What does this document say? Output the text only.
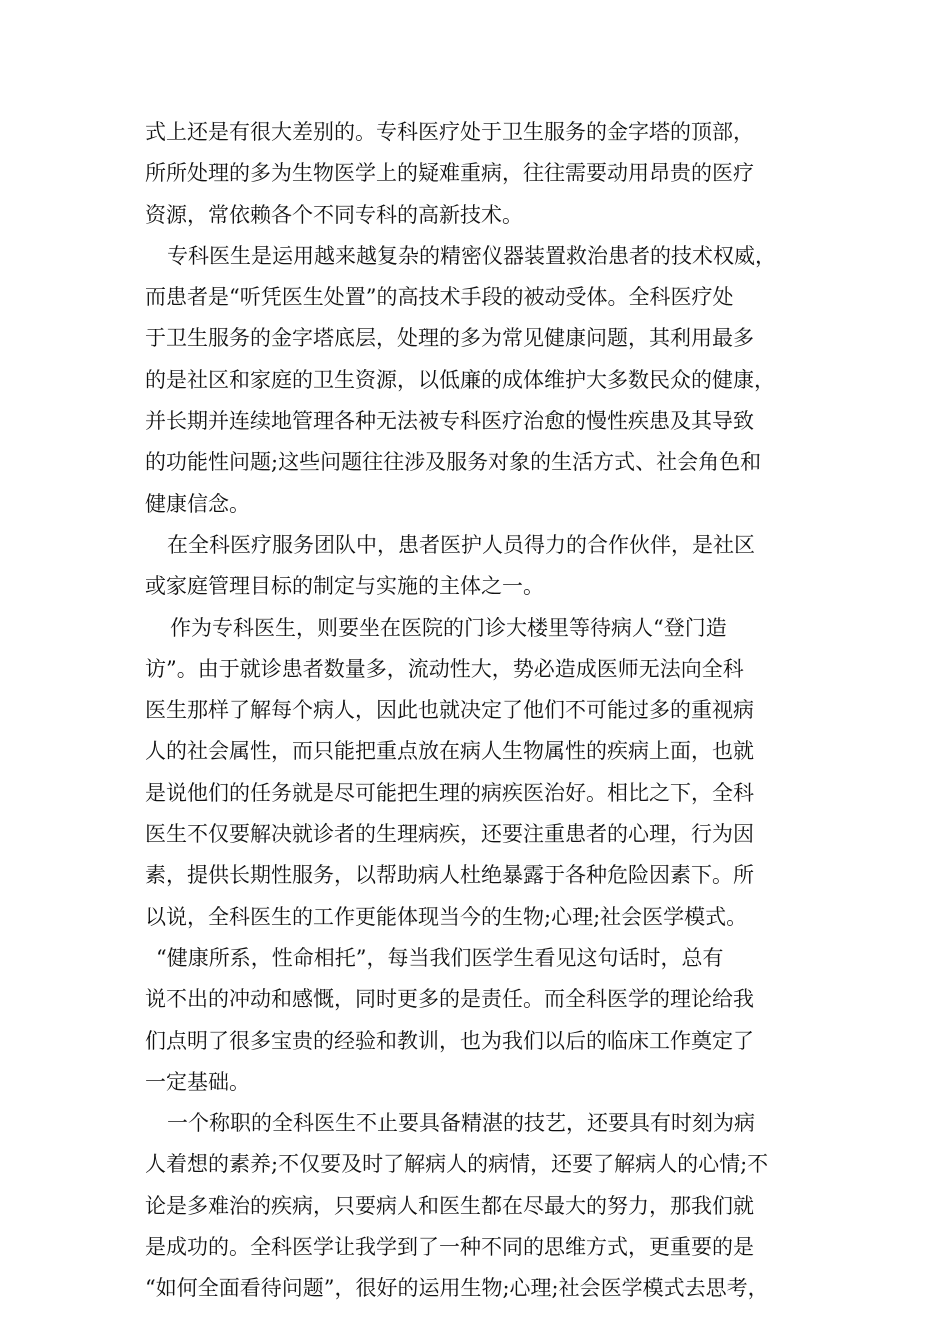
式上还是有很大差别的。专科医疗处于卫生服务的金字塔的顶部，
所所处理的多为生物医学上的疑难重病，往往需要动用昂贵的医疗
资源，常依赖各个不同专科的高新技术。
专科医生是运用越来越复杂的精密仪器装置救治患者的技术权威，
而患者是“听凭医生处置”的高技术手段的被动受体。全科医疗处
于卫生服务的金字塔底层，处理的多为常见健康问题，其利用最多
的是社区和家庭的卫生资源，以低廉的成体维护大多数民众的健康，
并长期并连续地管理各种无法被专科医疗治愈的慢性疾患及其导致
的功能性问题;这些问题往往涉及服务对象的生活方式、社会角色和
健康信念。
在全科医疗服务团队中，患者医护人员得力的合作伙伴，是社区
或家庭管理目标的制定与实施的主体之一。
作为专科医生，则要坐在医院的门诊大楼里等待病人“登门造
访”。由于就诊患者数量多，流动性大，势必造成医师无法向全科
医生那样了解每个病人，因此也就决定了他们不可能过多的重视病
人的社会属性，而只能把重点放在病人生物属性的疾病上面，也就
是说他们的任务就是尽可能把生理的病疾医治好。相比之下，全科
医生不仅要解决就诊者的生理病疾，还要注重患者的心理，行为因
素，提供长期性服务，以帮助病人杜绝暴露于各种危险因素下。所
以说，全科医生的工作更能体现当今的生物;心理;社会医学模式。
“健康所系，性命相托”，每当我们医学生看见这句话时，总有
说不出的冲动和感慨，同时更多的是责任。而全科医学的理论给我
们点明了很多宝贵的经验和教训，也为我们以后的临床工作奠定了
一定基础。
一个称职的全科医生不止要具备精湛的技艺，还要具有时刻为病
人着想的素养;不仅要及时了解病人的病情，还要了解病人的心情;不
论是多难治的疾病，只要病人和医生都在尽最大的努力，那我们就
是成功的。全科医学让我学到了一种不同的思维方式，更重要的是
“如何全面看待问题”，很好的运用生物;心理;社会医学模式去思考，
